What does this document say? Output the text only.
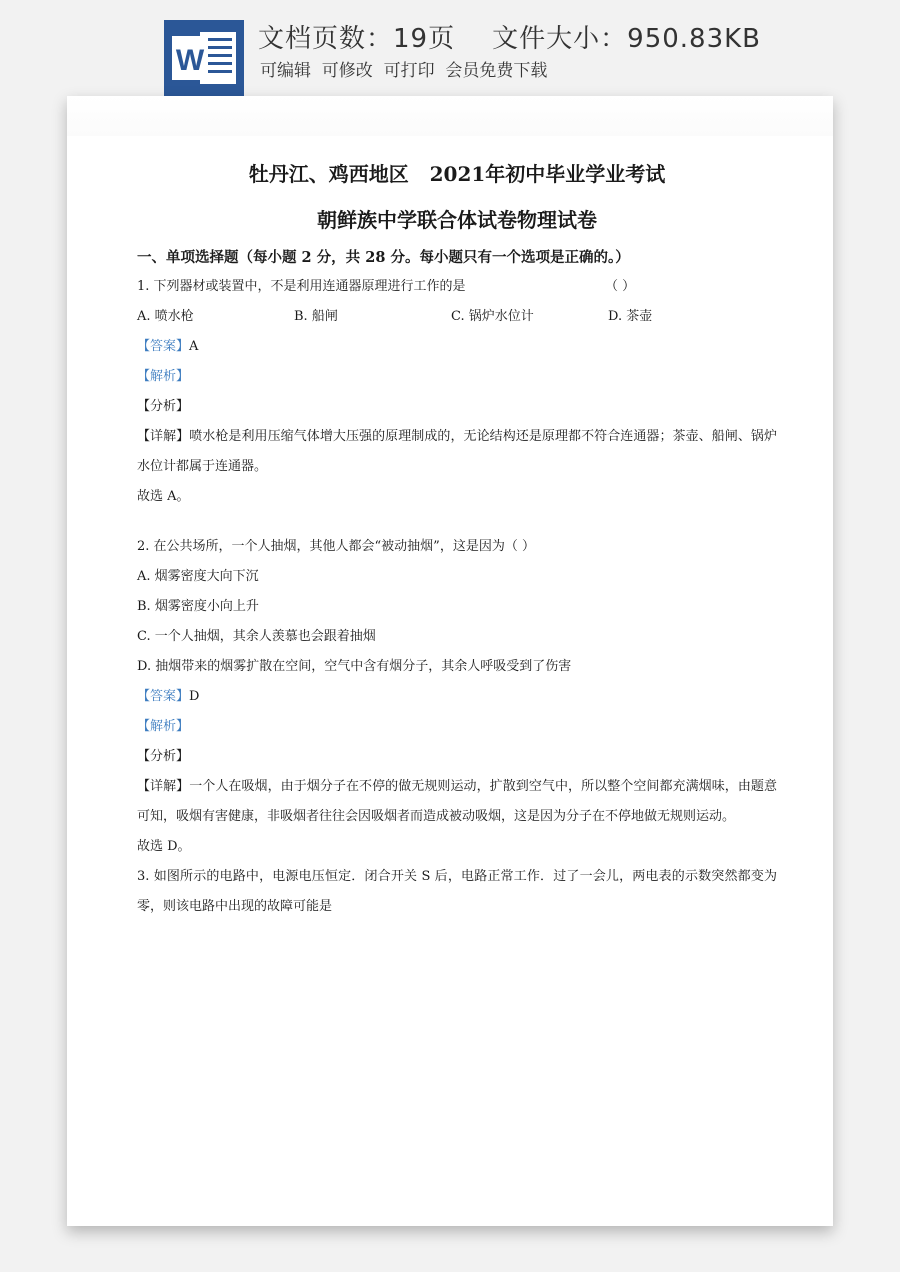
W
文档页数：19页 文件大小：950.83KB
可编辑  可修改  可打印  会员免费下载
牡丹江、鸡西地区   2021年初中毕业学业考试
朝鲜族中学联合体试卷物理试卷
一、单项选择题（每小题 2 分，共 28 分。每小题只有一个选项是正确的。）
1. 下列器材或装置中，不是利用连通器原理进行工作的是	（ ）
A. 喷水枪	B. 船闸	C. 锅炉水位计	D. 茶壶
【答案】A
【解析】
【分析】
【详解】喷水枪是利用压缩气体增大压强的原理制成的，无论结构还是原理都不符合连通器；茶壶、船闸、锅炉水位计都属于连通器。
故选 A。
2. 在公共场所，一个人抽烟，其他人都会“被动抽烟”，这是因为（ ）
A. 烟雾密度大向下沉
B. 烟雾密度小向上升
C. 一个人抽烟，其余人羡慕也会跟着抽烟
D. 抽烟带来的烟雾扩散在空间，空气中含有烟分子，其余人呼吸受到了伤害
【答案】D
【解析】
【分析】
【详解】一个人在吸烟，由于烟分子在不停的做无规则运动，扩散到空气中，所以整个空间都充满烟味，由题意可知，吸烟有害健康，非吸烟者往往会因吸烟者而造成被动吸烟，这是因为分子在不停地做无规则运动。
故选 D。
3. 如图所示的电路中，电源电压恒定．闭合开关 S 后，电路正常工作．过了一会儿，两电表的示数突然都变为零，则该电路中出现的故障可能是
